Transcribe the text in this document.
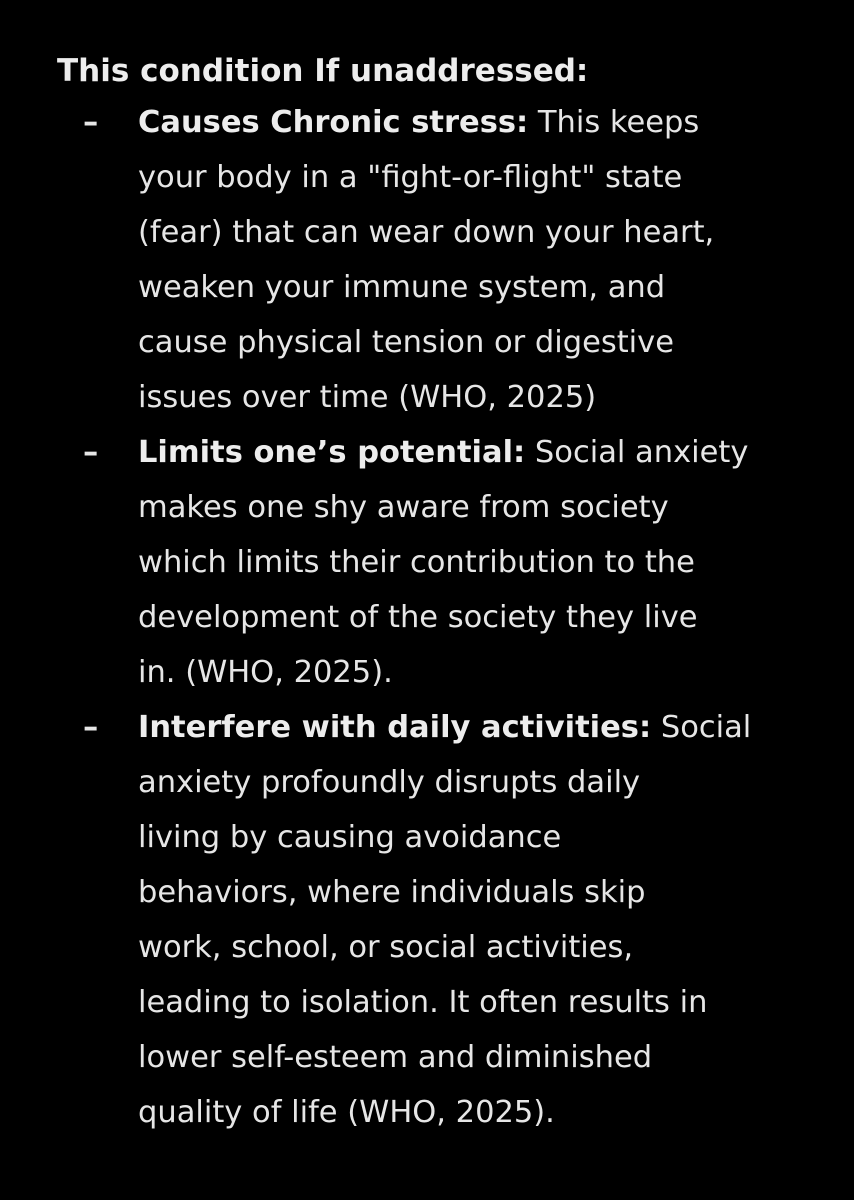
This condition If unaddressed:
– Causes Chronic stress: This keeps
your body in a "fight-or-flight" state
(fear) that can wear down your heart,
weaken your immune system, and
cause physical tension or digestive
issues over time (WHO, 2025)
– Limits one’s potential: Social anxiety
makes one shy aware from society
which limits their contribution to the
development of the society they live
in. (WHO, 2025).
– Interfere with daily activities: Social
anxiety profoundly disrupts daily
living by causing avoidance
behaviors, where individuals skip
work, school, or social activities,
leading to isolation. It often results in
lower self-esteem and diminished
quality of life (WHO, 2025).
